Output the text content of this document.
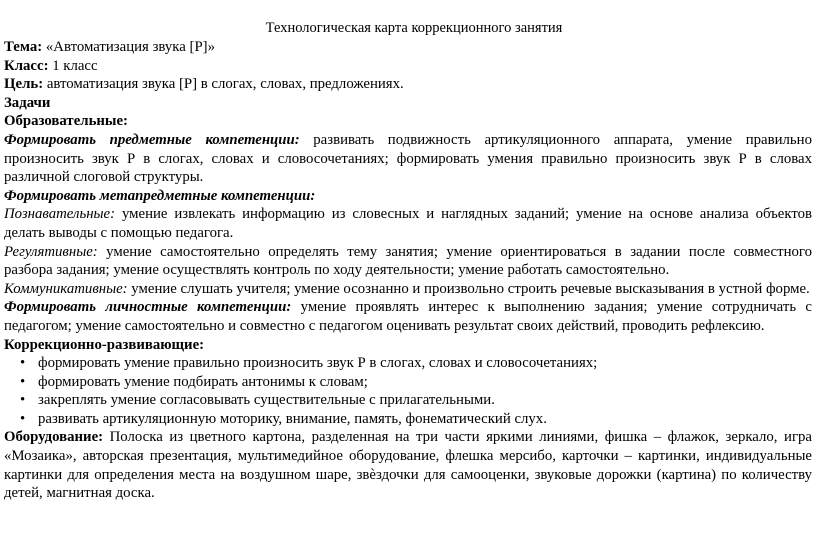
Технологическая карта коррекционного занятия

Тема: «Автоматизация звука [Р]»

Класс: 1 класс

Цель: автоматизация звука [Р] в слогах, словах, предложениях.

Задачи

Образовательные:

Формировать предметные компетенции: развивать подвижность артикуляционного аппарата, умение правильно произносить звук Р в слогах, словах и словосочетаниях; формировать умения правильно произносить звук Р в словах различной слоговой структуры.

Формировать метапредметные компетенции:

Познавательные: умение извлекать информацию из словесных и наглядных заданий; умение на основе анализа объектов делать выводы с помощью педагога.

Регулятивные: умение самостоятельно определять тему занятия; умение ориентироваться в задании после совместного разбора задания; умение осуществлять контроль по ходу деятельности; умение работать самостоятельно.

Коммуникативные: умение слушать учителя; умение осознанно и произвольно строить речевые высказывания в устной форме.

Формировать личностные компетенции: умение проявлять интерес к выполнению задания; умение сотрудничать с педагогом; умение самостоятельно и совместно с педагогом оценивать результат своих действий, проводить рефлексию.

Коррекционно-развивающие:

• формировать умение правильно произносить звук Р в слогах, словах и словосочетаниях;
• формировать умение подбирать антонимы к словам;
• закреплять умение согласовывать существительные с прилагательными.
• развивать артикуляционную моторику, внимание, память, фонематический слух.

Оборудование: Полоска из цветного картона, разделенная на три части яркими линиями, фишка – флажок, зеркало, игра «Мозаика», авторская презентация, мультимедийное оборудование, флешка мерсибо, карточки – картинки, индивидуальные картинки для определения места на воздушном шаре, звѐздочки для самооценки, звуковые дорожки (картина) по количеству детей, магнитная доска.
